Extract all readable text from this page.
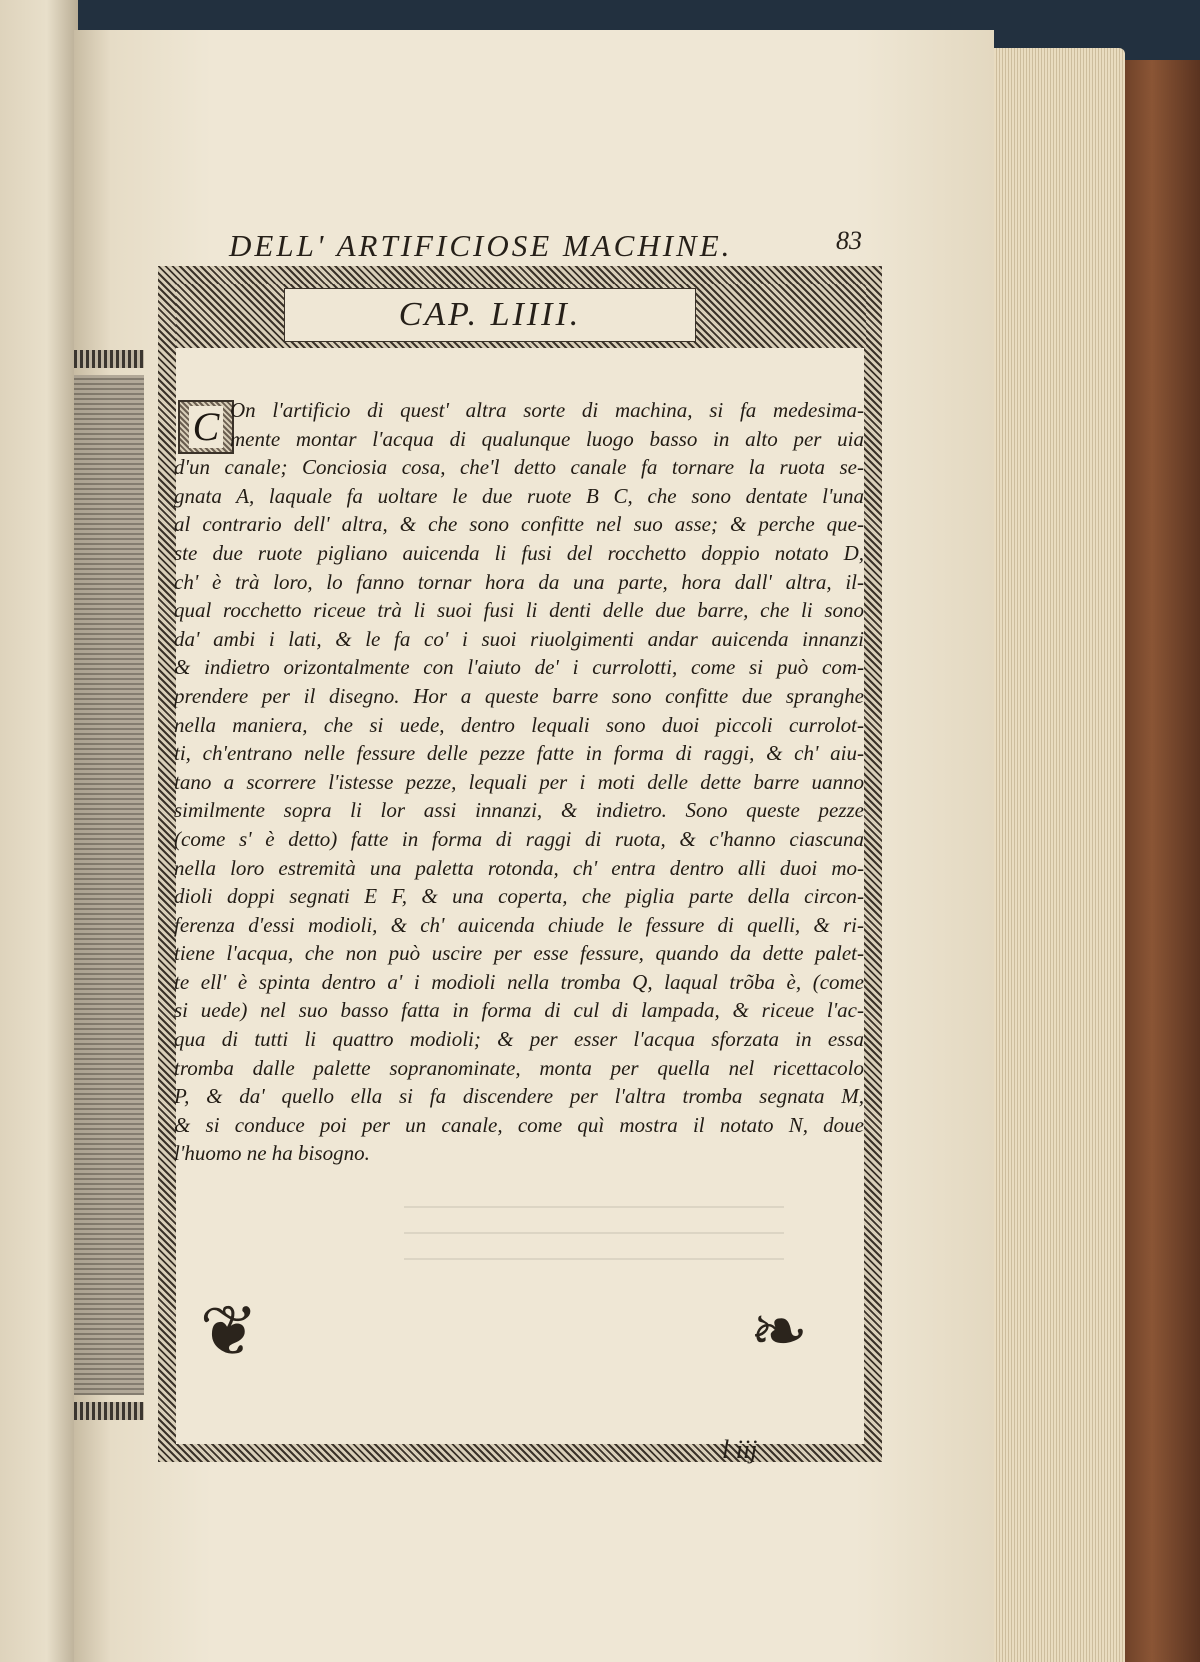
DELL' ARTIFICIOSE MACHINE.	83
CAP. LIIII.
C On l'artificio di quest' altra sorte di machina, si fa medesima-
mente montar l'acqua di qualunque luogo basso in alto per uia
d'un canale; Conciosia cosa, che'l detto canale fa tornare la ruota se-
gnata A, laquale fa uoltare le due ruote B C, che sono dentate l'una
al contrario dell' altra, & che sono confitte nel suo asse; & perche que-
ste due ruote pigliano auicenda li fusi del rocchetto doppio notato D,
ch' è trà loro, lo fanno tornar hora da una parte, hora dall' altra, il-
qual rocchetto riceue trà li suoi fusi li denti delle due barre, che li sono
da' ambi i lati, & le fa co' i suoi riuolgimenti andar auicenda innanzi
& indietro orizontalmente con l'aiuto de' i currolotti, come si può com-
prendere per il disegno. Hor a queste barre sono confitte due spranghe
nella maniera, che si uede, dentro lequali sono duoi piccoli currolot-
ti, ch'entrano nelle fessure delle pezze fatte in forma di raggi, & ch' aiu-
tano a scorrere l'istesse pezze, lequali per i moti delle dette barre uanno
similmente sopra li lor assi innanzi, & indietro. Sono queste pezze
(come s' è detto) fatte in forma di raggi di ruota, & c'hanno ciascuna
nella loro estremità una paletta rotonda, ch' entra dentro alli duoi mo-
dioli doppi segnati E F, & una coperta, che piglia parte della circon-
ferenza d'essi modioli, & ch' auicenda chiude le fessure di quelli, & ri-
tiene l'acqua, che non può uscire per esse fessure, quando da dette palet-
te ell' è spinta dentro a' i modioli nella tromba Q, laqual trõba è, (come
si uede) nel suo basso fatta in forma di cul di lampada, & riceue l'ac-
qua di tutti li quattro modioli; & per esser l'acqua sforzata in essa
tromba dalle palette sopranominate, monta per quella nel ricettacolo
P, & da' quello ella si fa discendere per l'altra tromba segnata M,
& si conduce poi per un canale, come quì mostra il notato N, doue
l'huomo ne ha bisogno.
❦	❧
l iij
